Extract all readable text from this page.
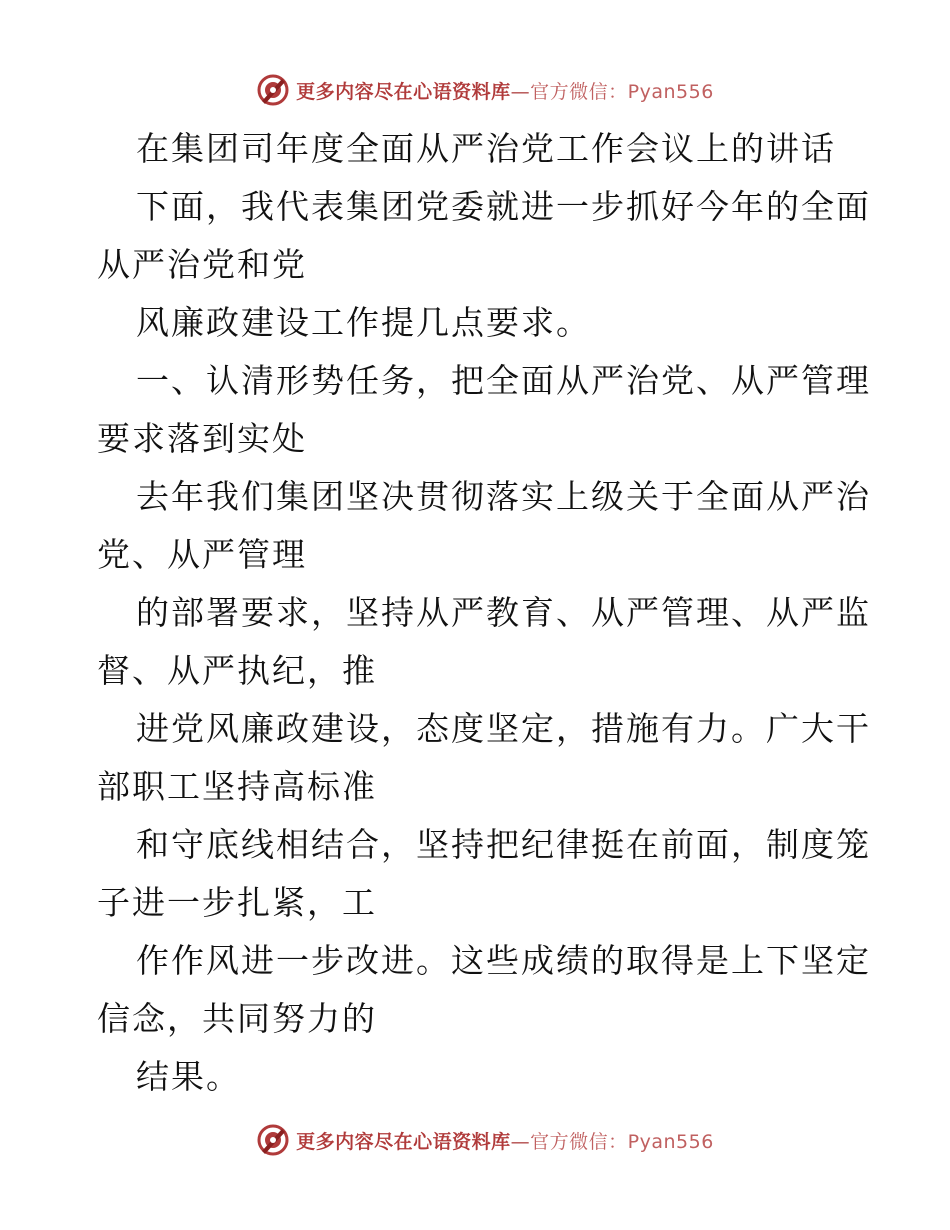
更多内容尽在心语资料库—官方微信：Pyan556
在集团司年度全面从严治党工作会议上的讲话
下面，我代表集团党委就进一步抓好今年的全面
从严治党和党
风廉政建设工作提几点要求。
一、认清形势任务，把全面从严治党、从严管理
要求落到实处
去年我们集团坚决贯彻落实上级关于全面从严治
党、从严管理
的部署要求，坚持从严教育、从严管理、从严监
督、从严执纪，推
进党风廉政建设，态度坚定，措施有力。广大干
部职工坚持高标准
和守底线相结合，坚持把纪律挺在前面，制度笼
子进一步扎紧，工
作作风进一步改进。这些成绩的取得是上下坚定
信念，共同努力的
结果。
更多内容尽在心语资料库—官方微信：Pyan556
